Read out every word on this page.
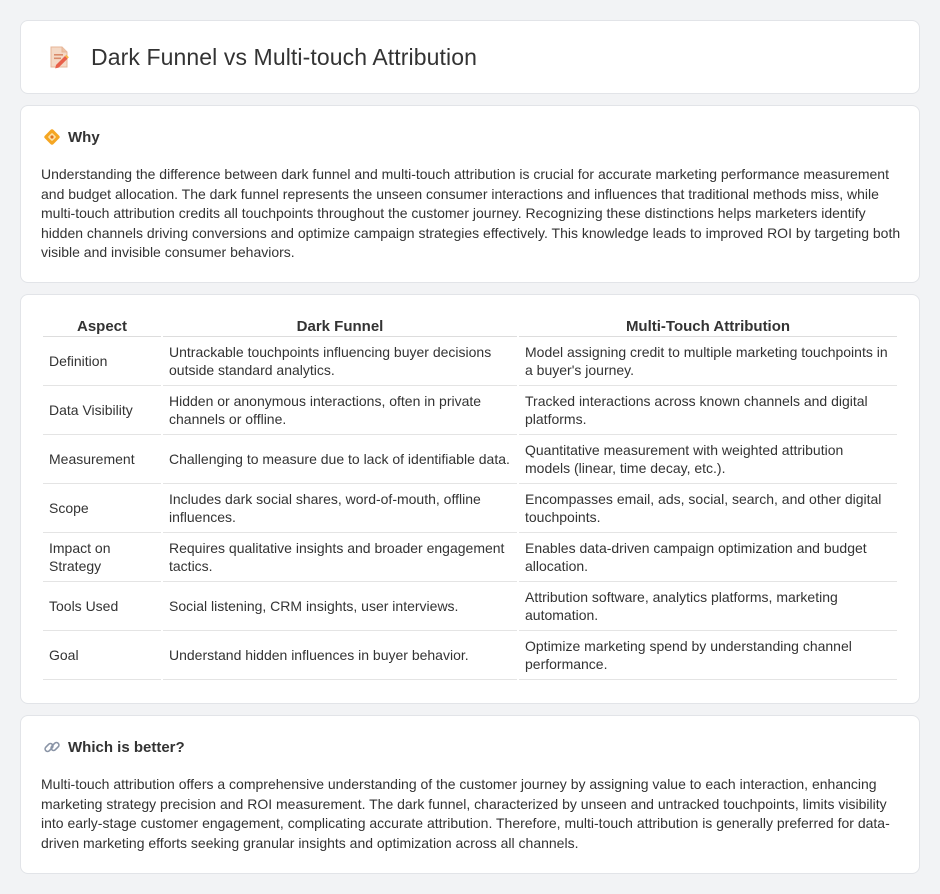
Dark Funnel vs Multi-touch Attribution
Why

Understanding the difference between dark funnel and multi-touch attribution is crucial for accurate marketing performance measurement and budget allocation. The dark funnel represents the unseen consumer interactions and influences that traditional methods miss, while multi-touch attribution credits all touchpoints throughout the customer journey. Recognizing these distinctions helps marketers identify hidden channels driving conversions and optimize campaign strategies effectively. This knowledge leads to improved ROI by targeting both visible and invisible consumer behaviors.

Aspect	Dark Funnel	Multi-Touch Attribution
Definition	Untrackable touchpoints influencing buyer decisions outside standard analytics.	Model assigning credit to multiple marketing touchpoints in a buyer's journey.
Data Visibility	Hidden or anonymous interactions, often in private channels or offline.	Tracked interactions across known channels and digital platforms.
Measurement	Challenging to measure due to lack of identifiable data.	Quantitative measurement with weighted attribution models (linear, time decay, etc.).
Scope	Includes dark social shares, word-of-mouth, offline influences.	Encompasses email, ads, social, search, and other digital touchpoints.
Impact on Strategy	Requires qualitative insights and broader engagement tactics.	Enables data-driven campaign optimization and budget allocation.
Tools Used	Social listening, CRM insights, user interviews.	Attribution software, analytics platforms, marketing automation.
Goal	Understand hidden influences in buyer behavior.	Optimize marketing spend by understanding channel performance.
Which is better?

Multi-touch attribution offers a comprehensive understanding of the customer journey by assigning value to each interaction, enhancing marketing strategy precision and ROI measurement. The dark funnel, characterized by unseen and untracked touchpoints, limits visibility into early-stage customer engagement, complicating accurate attribution. Therefore, multi-touch attribution is generally preferred for data-driven marketing efforts seeking granular insights and optimization across all channels.
